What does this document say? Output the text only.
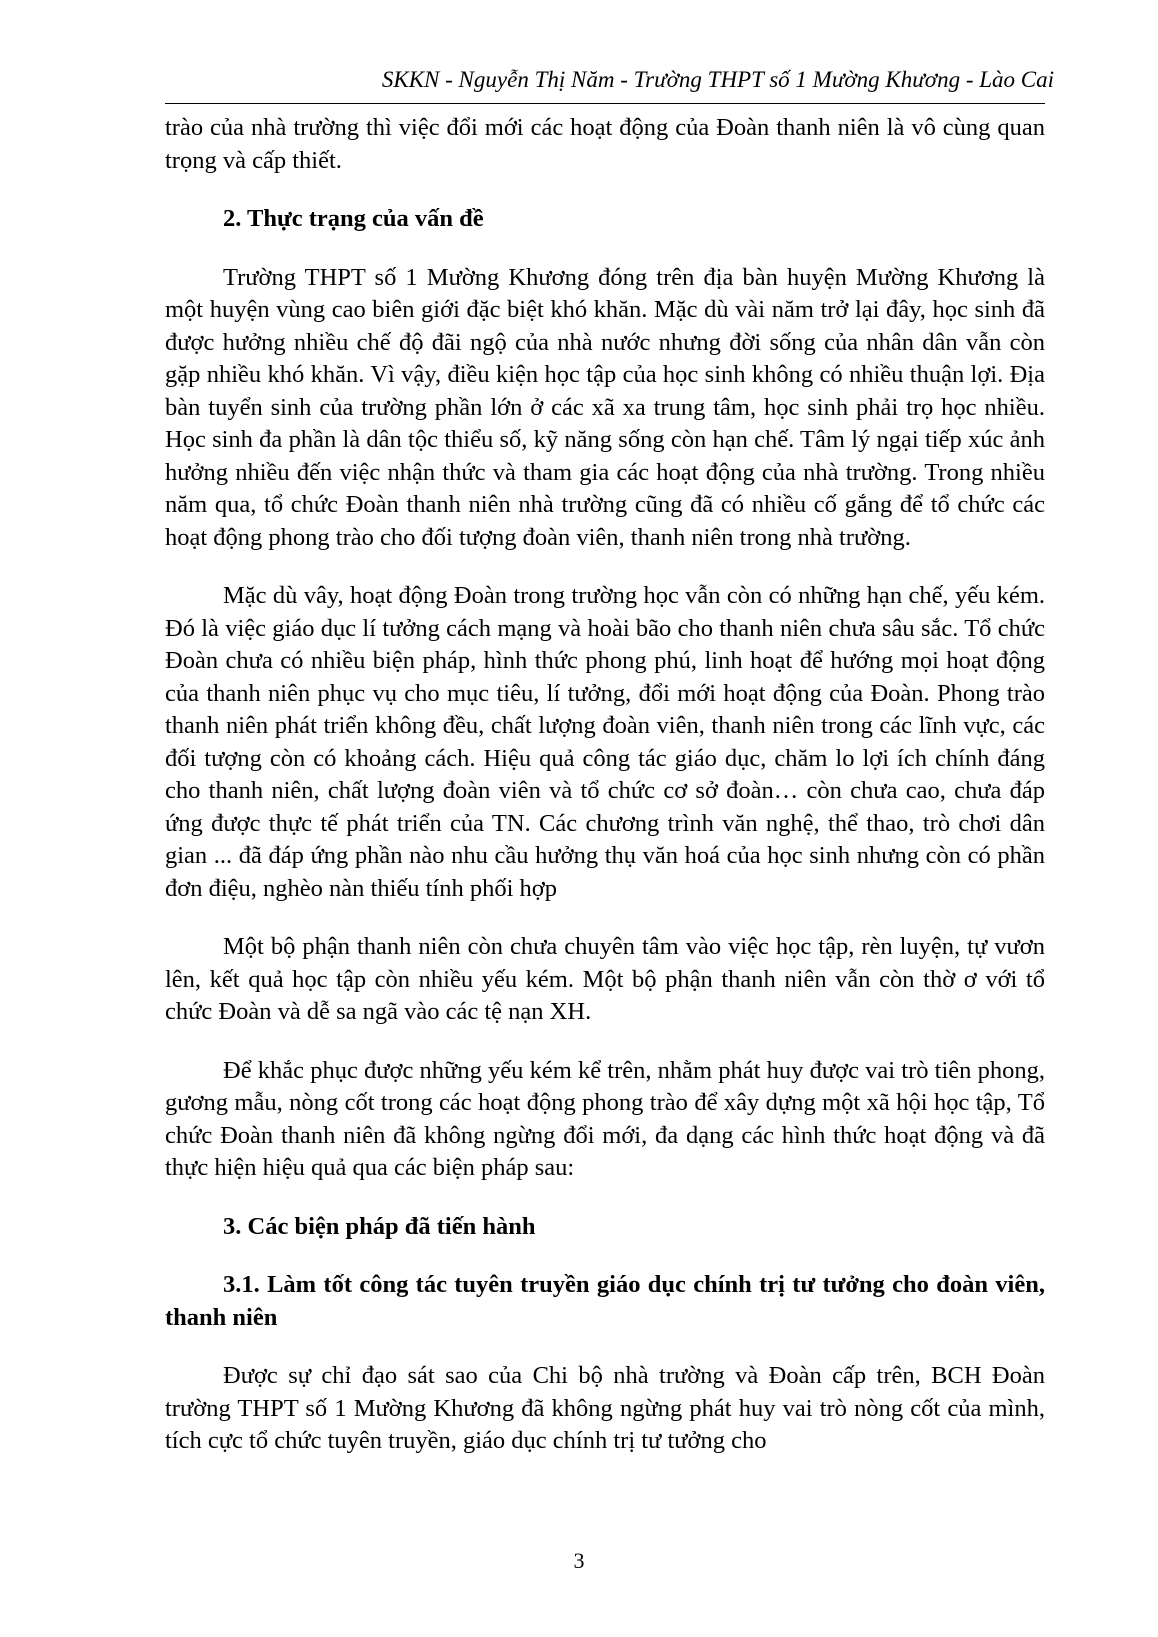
SKKN - Nguyễn Thị Năm - Trường THPT số 1 Mường Khương - Lào Cai

trào của nhà trường thì việc đổi mới các hoạt động của Đoàn thanh niên là vô cùng quan trọng và cấp thiết.

2. Thực trạng của vấn đề

Trường THPT số 1 Mường Khương đóng trên địa bàn huyện Mường Khương là một huyện vùng cao biên giới đặc biệt khó khăn. Mặc dù vài năm trở lại đây, học sinh đã được hưởng nhiều chế độ đãi ngộ của nhà nước nhưng đời sống của nhân dân vẫn còn gặp nhiều khó khăn. Vì vậy, điều kiện học tập của học sinh không có nhiều thuận lợi. Địa bàn tuyển sinh của trường phần lớn ở các xã xa trung tâm, học sinh phải trọ học nhiều. Học sinh đa phần là dân tộc thiểu số, kỹ năng sống còn hạn chế. Tâm lý ngại tiếp xúc ảnh hưởng nhiều đến việc nhận thức và tham gia các hoạt động của nhà trường. Trong nhiều năm qua, tổ chức Đoàn thanh niên nhà trường cũng đã có nhiều cố gắng để tổ chức các hoạt động phong trào cho đối tượng đoàn viên, thanh niên trong nhà trường.

Mặc dù vây, hoạt động Đoàn trong trường học vẫn còn có những hạn chế, yếu kém. Đó là việc giáo dục lí tưởng cách mạng và hoài bão cho thanh niên chưa sâu sắc. Tổ chức Đoàn chưa có nhiều biện pháp, hình thức phong phú, linh hoạt để hướng mọi hoạt động của thanh niên phục vụ cho mục tiêu, lí tưởng, đổi mới hoạt động của Đoàn. Phong trào thanh niên phát triển không đều, chất lượng đoàn viên, thanh niên trong các lĩnh vực, các đối tượng còn có khoảng cách. Hiệu quả công tác giáo dục, chăm lo lợi ích chính đáng cho thanh niên, chất lượng đoàn viên và tổ chức cơ sở đoàn… còn chưa cao, chưa đáp ứng được thực tế phát triển của TN. Các chương trình văn nghệ, thể thao, trò chơi dân gian ... đã đáp ứng phần nào nhu cầu hưởng thụ văn hoá của học sinh nhưng còn có phần đơn điệu, nghèo nàn thiếu tính phối hợp

Một bộ phận thanh niên còn chưa chuyên tâm vào việc học tập, rèn luyện, tự vươn lên, kết quả học tập còn nhiều yếu kém. Một bộ phận thanh niên vẫn còn thờ ơ với tổ chức Đoàn và dễ sa ngã vào các tệ nạn XH.

Để khắc phục được những yếu kém kể trên, nhằm phát huy được vai trò tiên phong, gương mẫu, nòng cốt trong các hoạt động phong trào để xây dựng một xã hội học tập, Tổ chức Đoàn thanh niên đã không ngừng đổi mới, đa dạng các hình thức hoạt động và đã thực hiện hiệu quả qua các biện pháp sau:

3. Các biện pháp đã tiến hành

3.1. Làm tốt công tác tuyên truyền giáo dục chính trị tư tưởng cho đoàn viên, thanh niên

Được sự chỉ đạo sát sao của Chi bộ nhà trường và Đoàn cấp trên, BCH Đoàn trường THPT số 1 Mường Khương đã không ngừng phát huy vai trò nòng cốt của mình, tích cực tổ chức tuyên truyền, giáo dục chính trị tư tưởng cho

3
